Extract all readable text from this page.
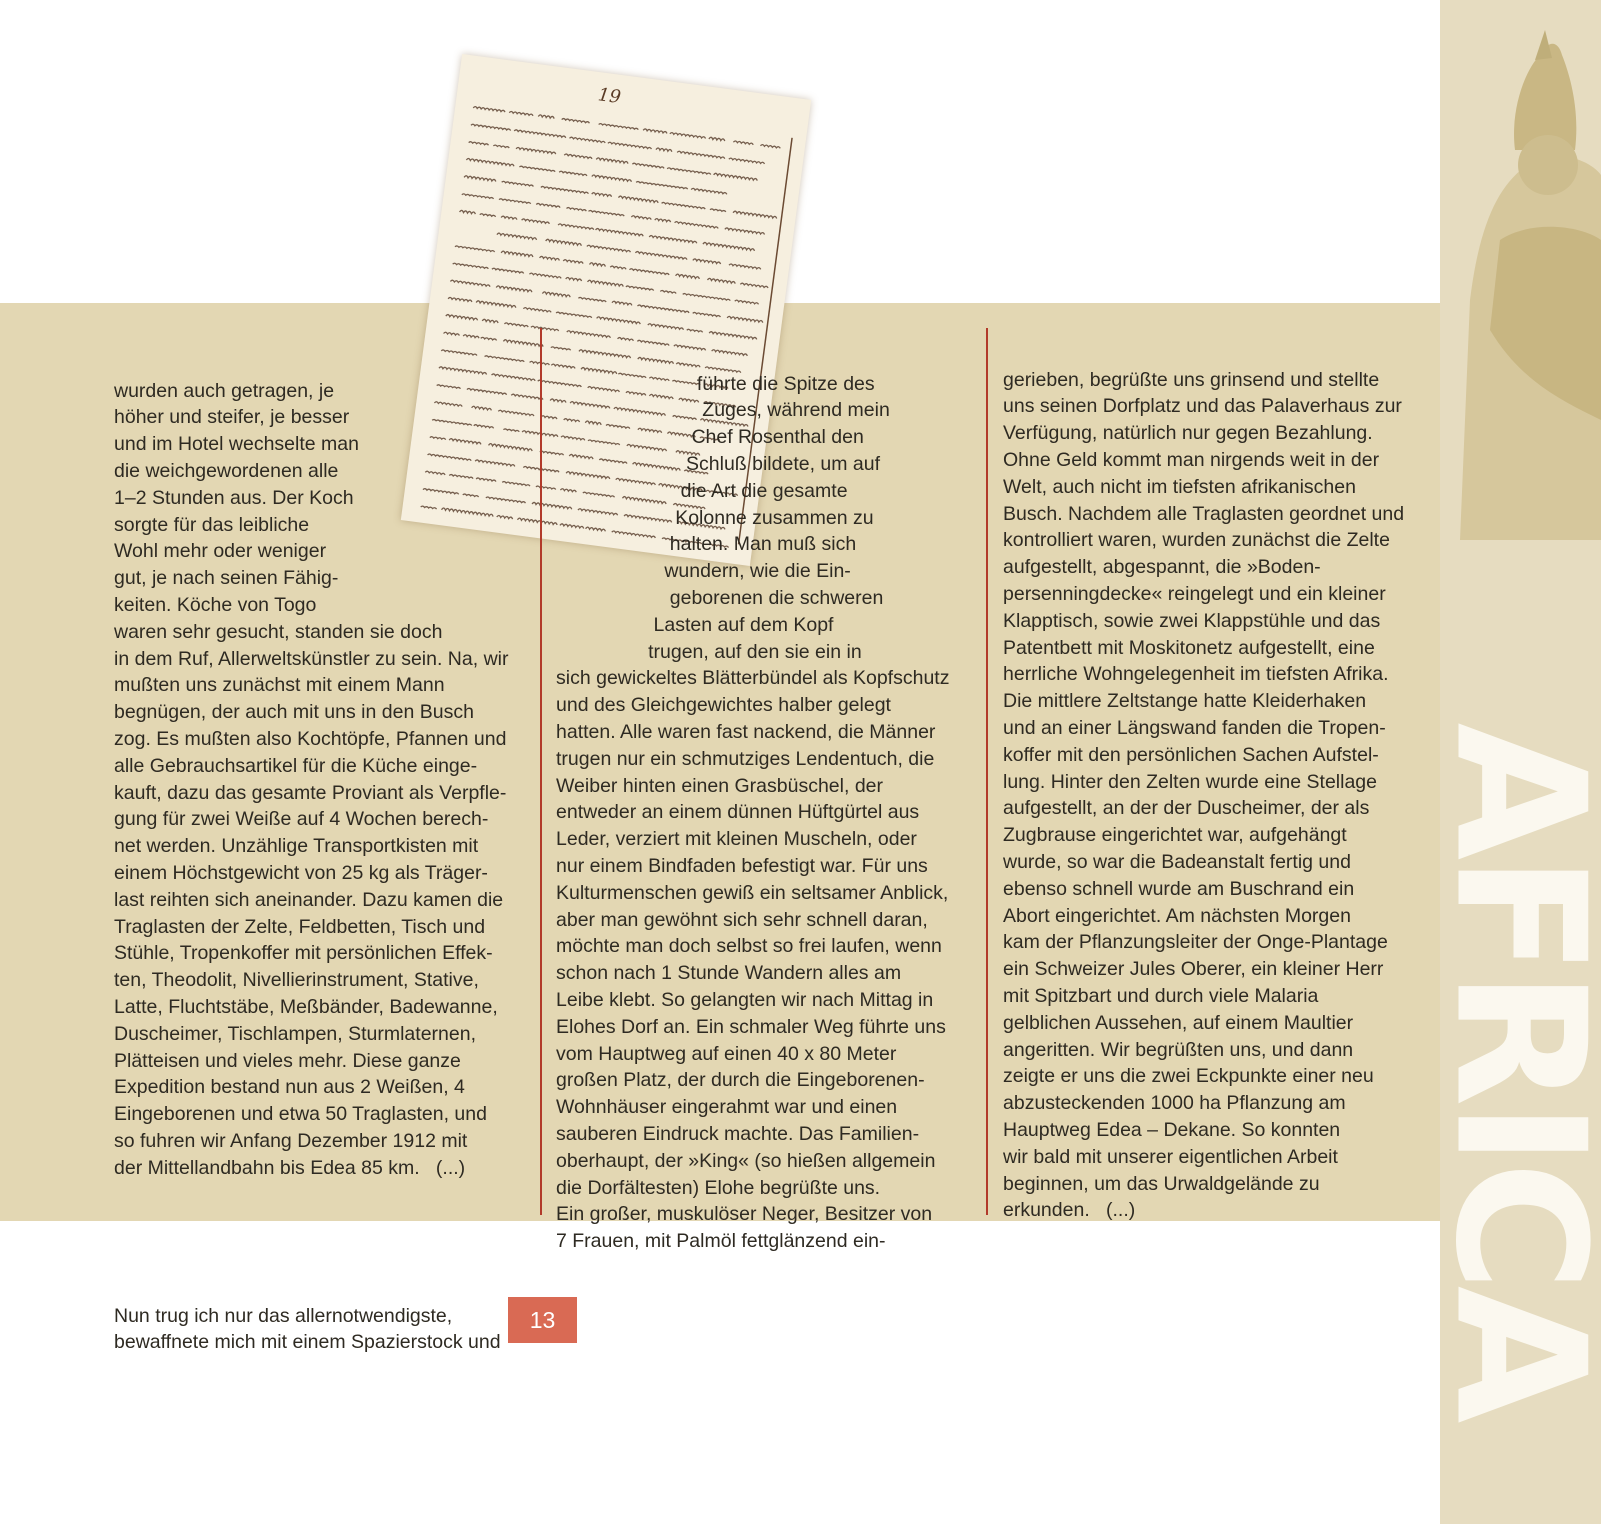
AFRICA
19

wurden auch getragen, je
höher und steifer, je besser
und im Hotel wechselte man
die weichgewordenen alle
1–2 Stunden aus. Der Koch
sorgte für das leibliche
Wohl mehr oder weniger
gut, je nach seinen Fähig-
keiten. Köche von Togo
waren sehr gesucht, standen sie doch
in dem Ruf, Allerweltskünstler zu sein. Na, wir
mußten uns zunächst mit einem Mann
begnügen, der auch mit uns in den Busch
zog. Es mußten also Kochtöpfe, Pfannen und
alle Gebrauchsartikel für die Küche einge-
kauft, dazu das gesamte Proviant als Verpfle-
gung für zwei Weiße auf 4 Wochen berech-
net werden. Unzählige Transportkisten mit
einem Höchstgewicht von 25 kg als Träger-
last reihten sich aneinander. Dazu kamen die
Traglasten der Zelte, Feldbetten, Tisch und
Stühle, Tropenkoffer mit persönlichen Effek-
ten, Theodolit, Nivellierinstrument, Stative,
Latte, Fluchtstäbe, Meßbänder, Badewanne,
Duscheimer, Tischlampen, Sturmlaternen,
Plätteisen und vieles mehr. Diese ganze
Expedition bestand nun aus 2 Weißen, 4
Eingeborenen und etwa 50 Traglasten, und
so fuhren wir Anfang Dezember 1912 mit
der Mittellandbahn bis Edea 85 km.   (...)

Nun trug ich nur das allernotwendigste,
bewaffnete mich mit einem Spazierstock und

führte die Spitze des
Zuges, während mein
Chef Rosenthal den
Schluß bildete, um auf
die Art die gesamte
Kolonne zusammen zu
halten. Man muß sich
wundern, wie die Ein-
geborenen die schweren
Lasten auf dem Kopf
trugen, auf den sie ein in
sich gewickeltes Blätterbündel als Kopfschutz
und des Gleichgewichtes halber gelegt
hatten. Alle waren fast nackend, die Männer
trugen nur ein schmutziges Lendentuch, die
Weiber hinten einen Grasbüschel, der
entweder an einem dünnen Hüftgürtel aus
Leder, verziert mit kleinen Muscheln, oder
nur einem Bindfaden befestigt war. Für uns
Kulturmenschen gewiß ein seltsamer Anblick,
aber man gewöhnt sich sehr schnell daran,
möchte man doch selbst so frei laufen, wenn
schon nach 1 Stunde Wandern alles am
Leibe klebt. So gelangten wir nach Mittag in
Elohes Dorf an. Ein schmaler Weg führte uns
vom Hauptweg auf einen 40 x 80 Meter
großen Platz, der durch die Eingeborenen-
Wohnhäuser eingerahmt war und einen
sauberen Eindruck machte. Das Familien-
oberhaupt, der »King« (so hießen allgemein
die Dorfältesten) Elohe begrüßte uns.
Ein großer, muskulöser Neger, Besitzer von
7 Frauen, mit Palmöl fettglänzend ein-

gerieben, begrüßte uns grinsend und stellte
uns seinen Dorfplatz und das Palaverhaus zur
Verfügung, natürlich nur gegen Bezahlung.
Ohne Geld kommt man nirgends weit in der
Welt, auch nicht im tiefsten afrikanischen
Busch. Nachdem alle Traglasten geordnet und
kontrolliert waren, wurden zunächst die Zelte
aufgestellt, abgespannt, die »Boden-
persenningdecke« reingelegt und ein kleiner
Klapptisch, sowie zwei Klappstühle und das
Patentbett mit Moskitonetz aufgestellt, eine
herrliche Wohngelegenheit im tiefsten Afrika.
Die mittlere Zeltstange hatte Kleiderhaken
und an einer Längswand fanden die Tropen-
koffer mit den persönlichen Sachen Aufstel-
lung. Hinter den Zelten wurde eine Stellage
aufgestellt, an der der Duscheimer, der als
Zugbrause eingerichtet war, aufgehängt
wurde, so war die Badeanstalt fertig und
ebenso schnell wurde am Buschrand ein
Abort eingerichtet. Am nächsten Morgen
kam der Pflanzungsleiter der Onge-Plantage
ein Schweizer Jules Oberer, ein kleiner Herr
mit Spitzbart und durch viele Malaria
gelblichen Aussehen, auf einem Maultier
angeritten. Wir begrüßten uns, und dann
zeigte er uns die zwei Eckpunkte einer neu
abzusteckenden 1000 ha Pflanzung am
Hauptweg Edea – Dekane. So konnten
wir bald mit unserer eigentlichen Arbeit
beginnen, um das Urwaldgelände zu
erkunden.   (...)

13
